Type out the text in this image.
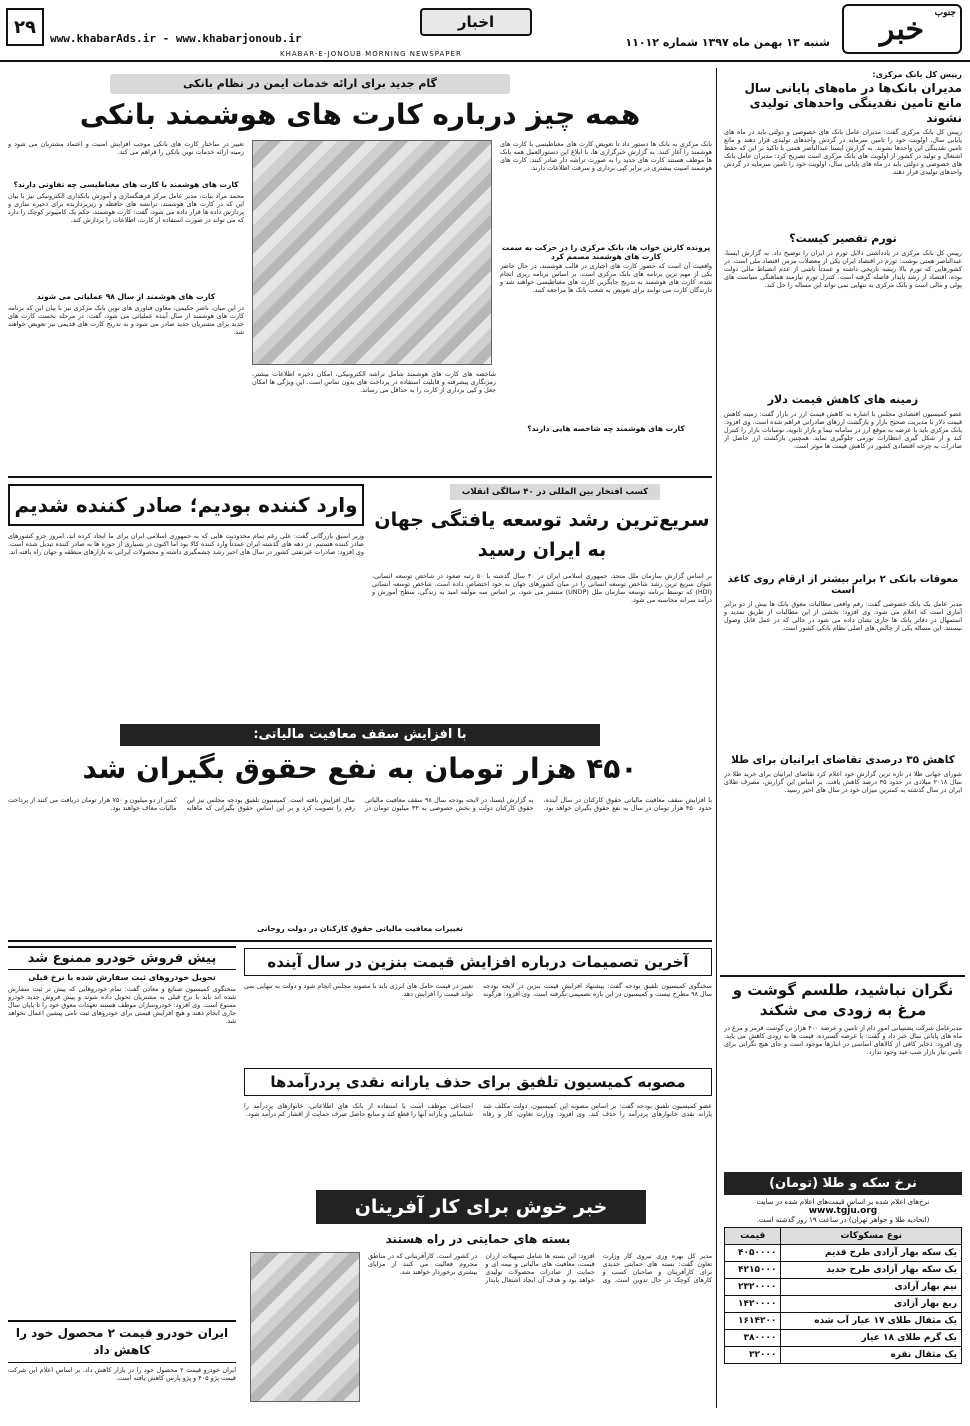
خبر جنوب
اخبار
شنبه ۱۳ بهمن ماه ۱۳۹۷ شماره ۱۱۰۱۲
www.khabarAds.ir - www.khabarjonoub.ir
KHABAR-E-JONOUB MORNING NEWSPAPER
۲۹
رییس کل بانک مرکزی:
مدیران بانک‌ها در ماه‌های پایانی سال مانع تامین نقدینگی واحدهای تولیدی نشوند
رییس کل بانک مرکزی گفت: مدیران عامل بانک های خصوصی و دولتی باید در ماه های پایانی سال، اولویت خود را تامین سرمایه در گردش واحدهای تولیدی قرار دهند و مانع تامین نقدینگی این واحدها نشوند. به گزارش ایسنا عبدالناصر همتی با تاکید بر این که حفظ اشتغال و تولید در کشور از اولویت های بانک مرکزی است تصریح کرد: مدیران عامل بانک های خصوصی و دولتی باید در ماه های پایانی سال، اولویت خود را تامین سرمایه در گردش واحدهای تولیدی قرار دهند.
تورم تقصیر کیست؟
رییس کل بانک مرکزی در یادداشتی دلایل تورم در ایران را توضیح داد. به گزارش ایسنا، عبدالناصر همتی نوشت: تورم در اقتصاد ایران یکی از معضلات مزمن اقتصاد ملی است. در کشورهایی که تورم بالا ریشه تاریخی داشته و عمدتاً ناشی از عدم انضباط مالی دولت بوده، اقتصاد از رشد پایدار فاصله گرفته است. کنترل تورم نیازمند هماهنگی سیاست های پولی و مالی است و بانک مرکزی به تنهایی نمی تواند این مساله را حل کند.
زمینه های کاهش قیمت دلار
عضو کمیسیون اقتصادی مجلس با اشاره به کاهش قیمت ارز در بازار گفت: زمینه کاهش قیمت دلار با مدیریت صحیح بازار و بازگشت ارزهای صادراتی فراهم شده است. وی افزود: بانک مرکزی باید با عرضه به موقع ارز در سامانه نیما و بازار ثانویه، نوسانات بازار را کنترل کند و از شکل گیری انتظارات تورمی جلوگیری نماید. همچنین بازگشت ارز حاصل از صادرات به چرخه اقتصادی کشور در کاهش قیمت ها موثر است.
معوقات بانکی ۲ برابر بیشتر از ارقام روی کاغذ است
مدیر عامل یک بانک خصوصی گفت: رقم واقعی مطالبات معوق بانک ها بیش از دو برابر آماری است که اعلام می شود. وی افزود: بخشی از این مطالبات از طریق تمدید و استمهال در دفاتر بانک ها جاری نشان داده می شود در حالی که در عمل قابل وصول نیستند. این مساله یکی از چالش های اصلی نظام بانکی کشور است.
کاهش ۳۵ درصدی تقاضای ایرانیان برای طلا
شورای جهانی طلا در تازه ترین گزارش خود اعلام کرد تقاضای ایرانیان برای خرید طلا در سال ۲۰۱۸ میلادی در حدود ۳۵ درصد کاهش یافت. بر اساس این گزارش، مصرف طلای ایران در سال گذشته به کمترین میزان خود در سال های اخیر رسید.
نگران نباشید، طلسم گوشت و مرغ به زودی می شکند
مدیرعامل شرکت پشتیبانی امور دام از تامین و عرضه ۴۰۰ هزار تن گوشت قرمز و مرغ در ماه های پایانی سال خبر داد و گفت: با عرضه گسترده، قیمت ها به زودی کاهش می یابد. وی افزود: ذخایر کافی از کالاهای اساسی در انبارها موجود است و جای هیچ نگرانی برای تامین نیاز بازار شب عید وجود ندارد.
نرخ سکه و طلا (تومان)
نرخ‌های اعلام شده بر اساس قیمت‌های اعلام شده در سایت
www.tgju.org
(اتحادیه طلا و جواهر تهران) در ساعت ۱۹ روز گذشته است.
نوع مسکوکات	قیمت
یک سکه بهار آزادی طرح قدیم	۴۰۵۰۰۰۰
یک سکه بهار آزادی طرح جدید	۴۲۱۵۰۰۰
نیم بهار آزادی	۲۳۲۰۰۰۰
ربع بهار آزادی	۱۴۲۰۰۰۰
یک مثقال طلای ۱۷ عیار آب شده	۱۶۱۴۲۰۰
یک گرم طلای ۱۸ عیار	۳۸۰۰۰۰
یک مثقال نقره	۳۲۰۰۰
گام جدید برای ارائه خدمات ایمن در نظام بانکی
همه چیز درباره کارت های هوشمند بانکی
بانک مرکزی به بانک ها دستور داد تا تعویض کارت های مغناطیسی با کارت های هوشمند را آغاز کنند. به گزارش خبرگزاری ها، با ابلاغ این دستورالعمل همه بانک ها موظف هستند کارت های جدید را به صورت تراشه دار صادر کنند. کارت های هوشمند امنیت بیشتری در برابر کپی برداری و سرقت اطلاعات دارند.
پرونده کارتن خواب ها، بانک مرکزی را در حرکت به سمت کارت های هوشمند مصمم کرد
واقعیت آن است که حضور کارت های اجباری در قالب هوشمند، در حال حاضر یکی از مهم ترین برنامه های بانک مرکزی است. بر اساس برنامه ریزی انجام شده، کارت های هوشمند به تدریج جایگزین کارت های مغناطیسی خواهند شد و دارندگان کارت می توانند برای تعویض به شعب بانک ها مراجعه کنند.
کارت های هوشمند چه شاخصه هایی دارند؟
شاخصه های کارت های هوشمند شامل تراشه الکترونیکی، امکان ذخیره اطلاعات بیشتر، رمزنگاری پیشرفته و قابلیت استفاده در پرداخت های بدون تماس است. این ویژگی ها امکان جعل و کپی برداری از کارت را به حداقل می رساند.
تغییر در ساختار کارت های بانکی موجب افزایش امنیت و اعتماد مشتریان می شود و زمینه ارائه خدمات نوین بانکی را فراهم می کند.
کارت های هوشمند با کارت های مغناطیسی چه تفاوتی دارند؟
محمد مراد بیات، مدیر عامل مرکز فرهنگسازی و آموزش بانکداری الکترونیکی نیز با بیان این که در کارت های هوشمند، ترانشه های حافظه و ریزپردازنده برای ذخیره سازی و پردازش داده ها قرار داده می شود، گفت: کارت هوشمند، حکم یک کامپیوتر کوچک را دارد که می تواند در صورت استفاده از کارت، اطلاعات را پردازش کند.
کارت های هوشمند از سال ۹۸ عملیاتی می شوند
در این میان، ناصر حکیمی، معاون فناوری های نوین بانک مرکزی نیز با بیان این که برنامه کارت های هوشمند از سال آینده عملیاتی می شود، گفت: در مرحله نخست کارت های جدید برای مشتریان جدید صادر می شود و به تدریج کارت های قدیمی نیز تعویض خواهند شد.
وارد کننده بودیم؛ صادر کننده شدیم
وزیر اسبق بازرگانی گفت: علی رغم تمام محدودیت هایی که به جمهوری اسلامی ایران برای ما ایجاد کرده اند، امروز جزو کشورهای صادر کننده هستیم. در دهه های گذشته ایران عمدتاً وارد کننده کالا بود اما اکنون در بسیاری از حوزه ها به صادر کننده تبدیل شده است. وی افزود: صادرات غیرنفتی کشور در سال های اخیر رشد چشمگیری داشته و محصولات ایرانی به بازارهای منطقه و جهان راه یافته اند.
کسب افتخار بین المللی در ۴۰ سالگی انقلاب
سریع‌ترین رشد توسعه یافتگی جهان به ایران رسید
بر اساس گزارش سازمان ملل متحد، جمهوری اسلامی ایران در ۴۰ سال گذشته با ۵۰ رتبه صعود در شاخص توسعه انسانی، عنوان سریع ترین رشد شاخص توسعه انسانی را در میان کشورهای جهان به خود اختصاص داده است. شاخص توسعه انسانی (HDI) که توسط برنامه توسعه سازمان ملل (UNDP) منتشر می شود، بر اساس سه مولفه امید به زندگی، سطح آموزش و درآمد سرانه محاسبه می شود.
با افزایش سقف معافیت مالیاتی:
۴۵۰ هزار تومان به نفع حقوق بگیران شد
با افزایش سقف معافیت مالیاتی حقوق کارکنان در سال آینده، حدود ۴۵۰ هزار تومان در سال به نفع حقوق بگیران خواهد بود. به گزارش ایسنا، در لایحه بودجه سال ۹۸ سقف معافیت مالیاتی حقوق کارکنان دولت و بخش خصوصی به ۳۳ میلیون تومان در سال افزایش یافته است. کمیسیون تلفیق بودجه مجلس نیز این رقم را تصویب کرد و بر این اساس حقوق بگیرانی که ماهانه کمتر از دو میلیون و ۷۵۰ هزار تومان دریافت می کنند از پرداخت مالیات معاف خواهند بود.
تغییرات معافیت مالیاتی حقوق کارکنان در دولت روحانی
پیش فروش خودرو ممنوع شد
تحویل خودروهای ثبت سفارش شده با نرخ قبلی
سخنگوی کمیسیون صنایع و معادن گفت: تمام خودروهایی که پیش تر ثبت سفارش شده اند باید با نرخ قبلی به مشتریان تحویل داده شوند و پیش فروش جدید خودرو ممنوع است. وی افزود: خودروسازان موظف هستند تعهدات معوق خود را تا پایان سال جاری انجام دهند و هیچ افزایش قیمتی برای خودروهای ثبت نامی پیشین اعمال نخواهد شد.
ایران خودرو قیمت ۲ محصول خود را کاهش داد
ایران خودرو قیمت ۲ محصول خود را در بازار کاهش داد. بر اساس اعلام این شرکت قیمت پژو ۴۰۵ و پژو پارس کاهش یافته است.
آخرین تصمیمات درباره افزایش قیمت بنزین در سال آینده
سخنگوی کمیسیون تلفیق بودجه گفت: پیشنهاد افزایش قیمت بنزین در لایحه بودجه سال ۹۸ مطرح نیست و کمیسیون در این باره تصمیمی نگرفته است. وی افزود: هرگونه تغییر در قیمت حامل های انرژی باید با مصوبه مجلس انجام شود و دولت به تنهایی نمی تواند قیمت را افزایش دهد.
مصوبه کمیسیون تلفیق برای حذف یارانه نقدی پردرآمدها
عضو کمیسیون تلفیق بودجه گفت: بر اساس مصوبه این کمیسیون، دولت مکلف شد یارانه نقدی خانوارهای پردرآمد را حذف کند. وی افزود: وزارت تعاون، کار و رفاه اجتماعی موظف است با استفاده از بانک های اطلاعاتی، خانوارهای پردرآمد را شناسایی و یارانه آنها را قطع کند و منابع حاصل صرف حمایت از اقشار کم درآمد شود.
خبر خوش برای کار آفرینان
بسته های حمایتی در راه هستند
مدیر کل بهره وری نیروی کار وزارت تعاون گفت: بسته های حمایتی جدیدی برای کارآفرینان و صاحبان کسب و کارهای کوچک در حال تدوین است. وی افزود: این بسته ها شامل تسهیلات ارزان قیمت، معافیت های مالیاتی و بیمه ای و حمایت از صادرات محصولات تولیدی خواهد بود و هدف آن ایجاد اشتغال پایدار در کشور است. کارآفرینانی که در مناطق محروم فعالیت می کنند از مزایای بیشتری برخوردار خواهند شد.
